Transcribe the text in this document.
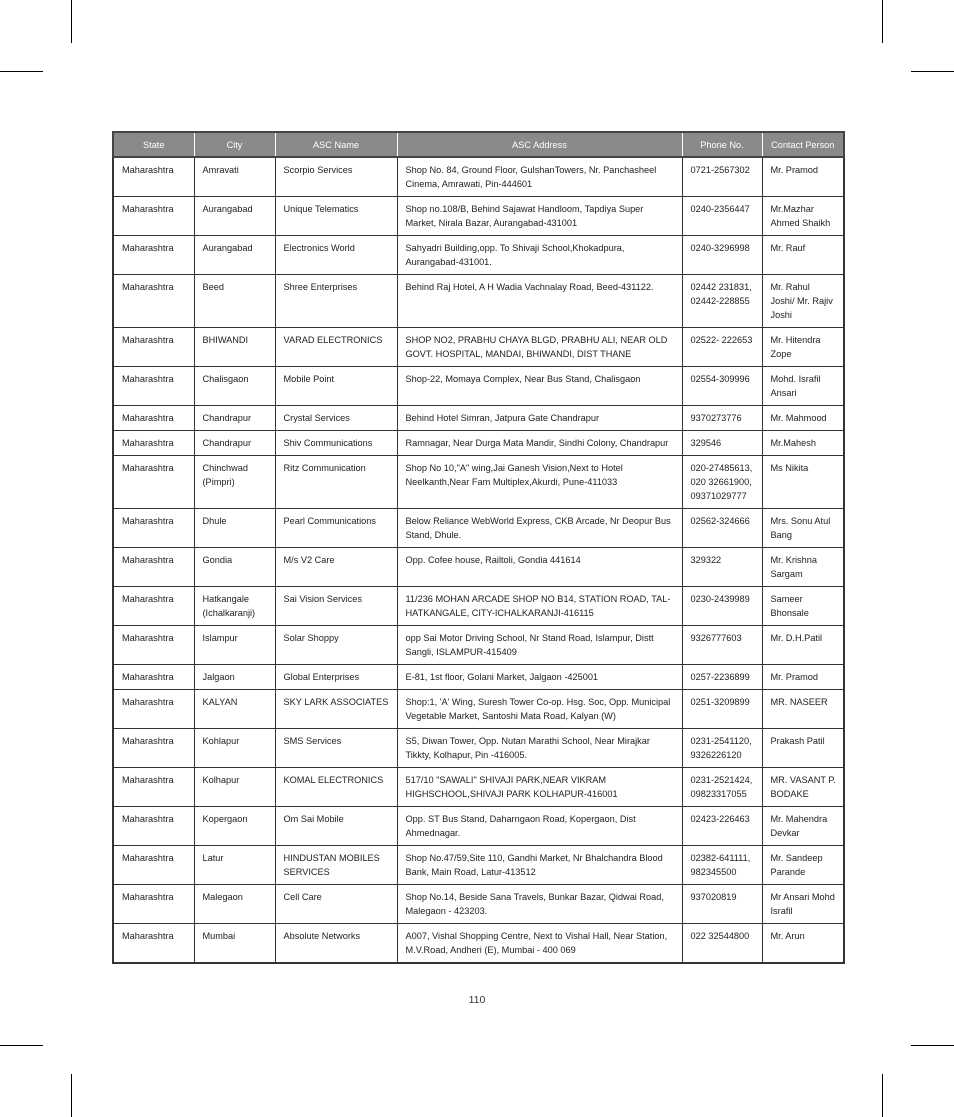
State	City	ASC Name	ASC Address	Phone No.	Contact Person
Maharashtra	Amravati	Scorpio Services	Shop No. 84, Ground Floor, GulshanTowers, Nr. Panchasheel Cinema, Amrawati, Pin-444601	0721-2567302	Mr. Pramod
Maharashtra	Aurangabad	Unique Telematics	Shop no.108/B, Behind Sajawat Handloom, Tapdiya Super Market, Nirala Bazar, Aurangabad-431001	0240-2356447	Mr.Mazhar Ahmed Shaikh
Maharashtra	Aurangabad	Electronics World	Sahyadri Building,opp. To Shivaji School,Khokadpura, Aurangabad-431001.	0240-3296998	Mr. Rauf
Maharashtra	Beed	Shree Enterprises	Behind Raj Hotel, A H Wadia Vachnalay Road, Beed-431122.	02442 231831, 02442-228855	Mr. Rahul Joshi/ Mr. Rajiv Joshi
Maharashtra	BHIWANDI	VARAD ELECTRONICS	SHOP NO2, PRABHU CHAYA BLGD, PRABHU ALI, NEAR OLD GOVT. HOSPITAL, MANDAI, BHIWANDI, DIST THANE	02522- 222653	Mr. Hitendra Zope
Maharashtra	Chalisgaon	Mobile Point	Shop-22, Momaya Complex, Near Bus Stand, Chalisgaon	02554-309996	Mohd. Israfil Ansari
Maharashtra	Chandrapur	Crystal Services	Behind Hotel Simran, Jatpura Gate Chandrapur	9370273776	Mr. Mahmood
Maharashtra	Chandrapur	Shiv Communications	Ramnagar, Near Durga Mata Mandir, Sindhi Colony, Chandrapur	329546	Mr.Mahesh
Maharashtra	Chinchwad (Pimpri)	Ritz Communication	Shop No 10,"A" wing,Jai Ganesh Vision,Next to Hotel Neelkanth,Near Fam Multiplex,Akurdi, Pune-411033	020-27485613, 020 32661900, 09371029777	Ms Nikita
Maharashtra	Dhule	Pearl Communications	Below Reliance WebWorld Express, CKB Arcade, Nr Deopur Bus Stand, Dhule.	02562-324666	Mrs. Sonu Atul Bang
Maharashtra	Gondia	M/s V2 Care	Opp. Cofee house, Railtoli, Gondia 441614	329322	Mr. Krishna Sargam
Maharashtra	Hatkangale (Ichalkaranji)	Sai Vision Services	11/236 MOHAN ARCADE SHOP NO B14, STATION ROAD, TAL- HATKANGALE, CITY-ICHALKARANJI-416115	0230-2439989	Sameer Bhonsale
Maharashtra	Islampur	Solar Shoppy	opp Sai Motor Driving School, Nr Stand Road, Islampur, Distt Sangli, ISLAMPUR-415409	9326777603	Mr. D.H.Patil
Maharashtra	Jalgaon	Global Enterprises	E-81, 1st floor, Golani Market, Jalgaon -425001	0257-2236899	Mr. Pramod
Maharashtra	KALYAN	SKY LARK ASSOCIATES	Shop:1, 'A' Wing, Suresh Tower Co-op. Hsg. Soc, Opp. Municipal Vegetable Market, Santoshi Mata Road, Kalyan (W)	0251-3209899	MR. NASEER
Maharashtra	Kohlapur	SMS Services	S5, Diwan Tower, Opp. Nutan Marathi School, Near Mirajkar Tikkty, Kolhapur, Pin -416005.	0231-2541120, 9326226120	Prakash Patil
Maharashtra	Kolhapur	KOMAL ELECTRONICS	517/10 "SAWALI" SHIVAJI PARK,NEAR VIKRAM HIGHSCHOOL,SHIVAJI PARK KOLHAPUR-416001	0231-2521424, 09823317055	MR. VASANT P. BODAKE
Maharashtra	Kopergaon	Om Sai Mobile	Opp. ST Bus Stand, Daharngaon Road, Kopergaon, Dist Ahmednagar.	02423-226463	Mr. Mahendra Devkar
Maharashtra	Latur	HINDUSTAN MOBILES SERVICES	Shop No.47/59,Site 110, Gandhi Market, Nr Bhalchandra Blood Bank, Main Road, Latur-413512	02382-641111, 982345500	Mr. Sandeep Parande
Maharashtra	Malegaon	Cell Care	Shop No.14, Beside Sana Travels, Bunkar Bazar, Qidwai Road, Malegaon - 423203.	937020819	Mr Ansari Mohd Israfil
Maharashtra	Mumbai	Absolute Networks	A007, Vishal Shopping Centre, Next to Vishal Hall, Near Station, M.V.Road, Andheri (E), Mumbai - 400 069	022 32544800	Mr. Arun
110
